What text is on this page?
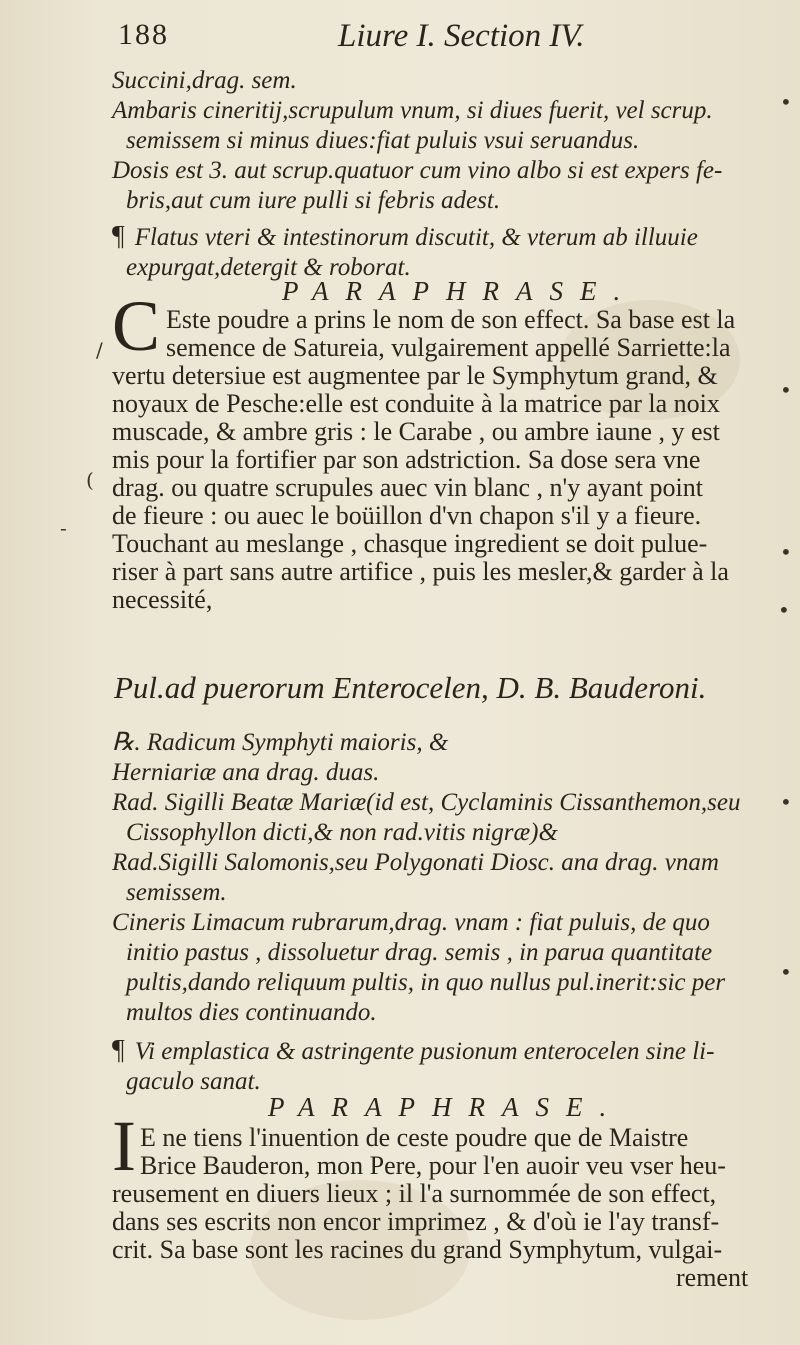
188	Liure I. Section IV.

Succini,drag. sem.

Ambaris cineritij,scrupulum vnum, si diues fuerit, vel scrup.

semissem si minus diues:fiat puluis vsui seruandus.

Dosis est 3. aut scrup.quatuor cum vino albo si est expers fe-

bris,aut cum iure pulli si febris adest.

¶ Flatus vteri & intestinorum discutit, & vterum ab illuuie

expurgat,detergit & roborat.

PARAPHRASE.
C Este poudre a prins le nom de son effect. Sa base est la

semence de Satureia, vulgairement appellé Sarriette:la

vertu detersiue est augmentee par le Symphytum grand, &

noyaux de Pesche:elle est conduite à la matrice par la noix

muscade, & ambre gris : le Carabe , ou ambre iaune , y est

mis pour la fortifier par son adstriction. Sa dose sera vne

drag. ou quatre scrupules auec vin blanc , n'y ayant point

de fieure : ou auec le boüillon d'vn chapon s'il y a fieure.

Touchant au meslange , chasque ingredient se doit pulue-

riser à part sans autre artifice , puis les mesler,& garder à la

necessité,

Pul.ad puerorum Enterocelen, D. B. Bauderoni.

℞. Radicum Symphyti maioris, &

Herniariæ ana drag. duas.

Rad. Sigilli Beatæ Mariæ(id est, Cyclaminis Cissanthemon,seu

Cissophyllon dicti,& non rad.vitis nigræ)&

Rad.Sigilli Salomonis,seu Polygonati Diosc. ana drag. vnam

semissem.

Cineris Limacum rubrarum,drag. vnam : fiat puluis, de quo

initio pastus , dissoluetur drag. semis , in parua quantitate

pultis,dando reliquum pultis, in quo nullus pul.inerit:sic per

multos dies continuando.

¶ Vi emplastica & astringente pusionum enterocelen sine li-

gaculo sanat.

PARAPHRASE.
I E ne tiens l'inuention de ceste poudre que de Maistre

Brice Bauderon, mon Pere, pour l'en auoir veu vser heu-

reusement en diuers lieux ; il l'a surnommée de son effect,

dans ses escrits non encor imprimez , & d'où ie l'ay transf-

crit. Sa base sont les racines du grand Symphytum, vulgai-

rement

/
(
-
•
•
•
•
•
•
